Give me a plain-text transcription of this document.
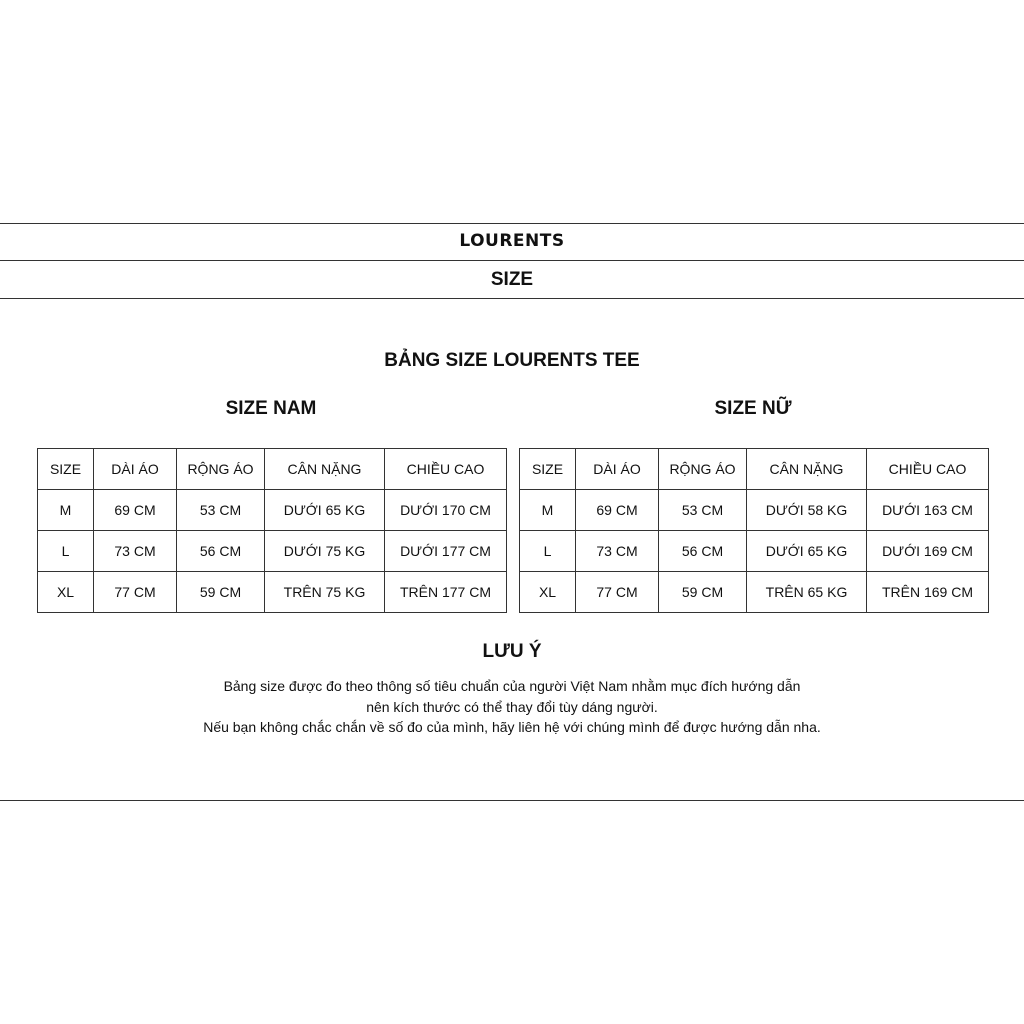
LOURENTS
SIZE
BẢNG SIZE LOURENTS TEE
SIZE NAM	SIZE NỮ
SIZE	DÀI ÁO	RỘNG ÁO	CÂN NẶNG	CHIỀU CAO
M	69 CM	53 CM	DƯỚI 65 KG	DƯỚI 170 CM
L	73 CM	56 CM	DƯỚI 75 KG	DƯỚI 177 CM
XL	77 CM	59 CM	TRÊN 75 KG	TRÊN 177 CM
SIZE	DÀI ÁO	RỘNG ÁO	CÂN NẶNG	CHIỀU CAO
M	69 CM	53 CM	DƯỚI 58 KG	DƯỚI 163 CM
L	73 CM	56 CM	DƯỚI 65 KG	DƯỚI 169 CM
XL	77 CM	59 CM	TRÊN 65 KG	TRÊN 169 CM
LƯU Ý
Bảng size được đo theo thông số tiêu chuẩn của người Việt Nam nhằm mục đích hướng dẫn
nên kích thước có thể thay đổi tùy dáng người.
Nếu bạn không chắc chắn về số đo của mình, hãy liên hệ với chúng mình để được hướng dẫn nha.
